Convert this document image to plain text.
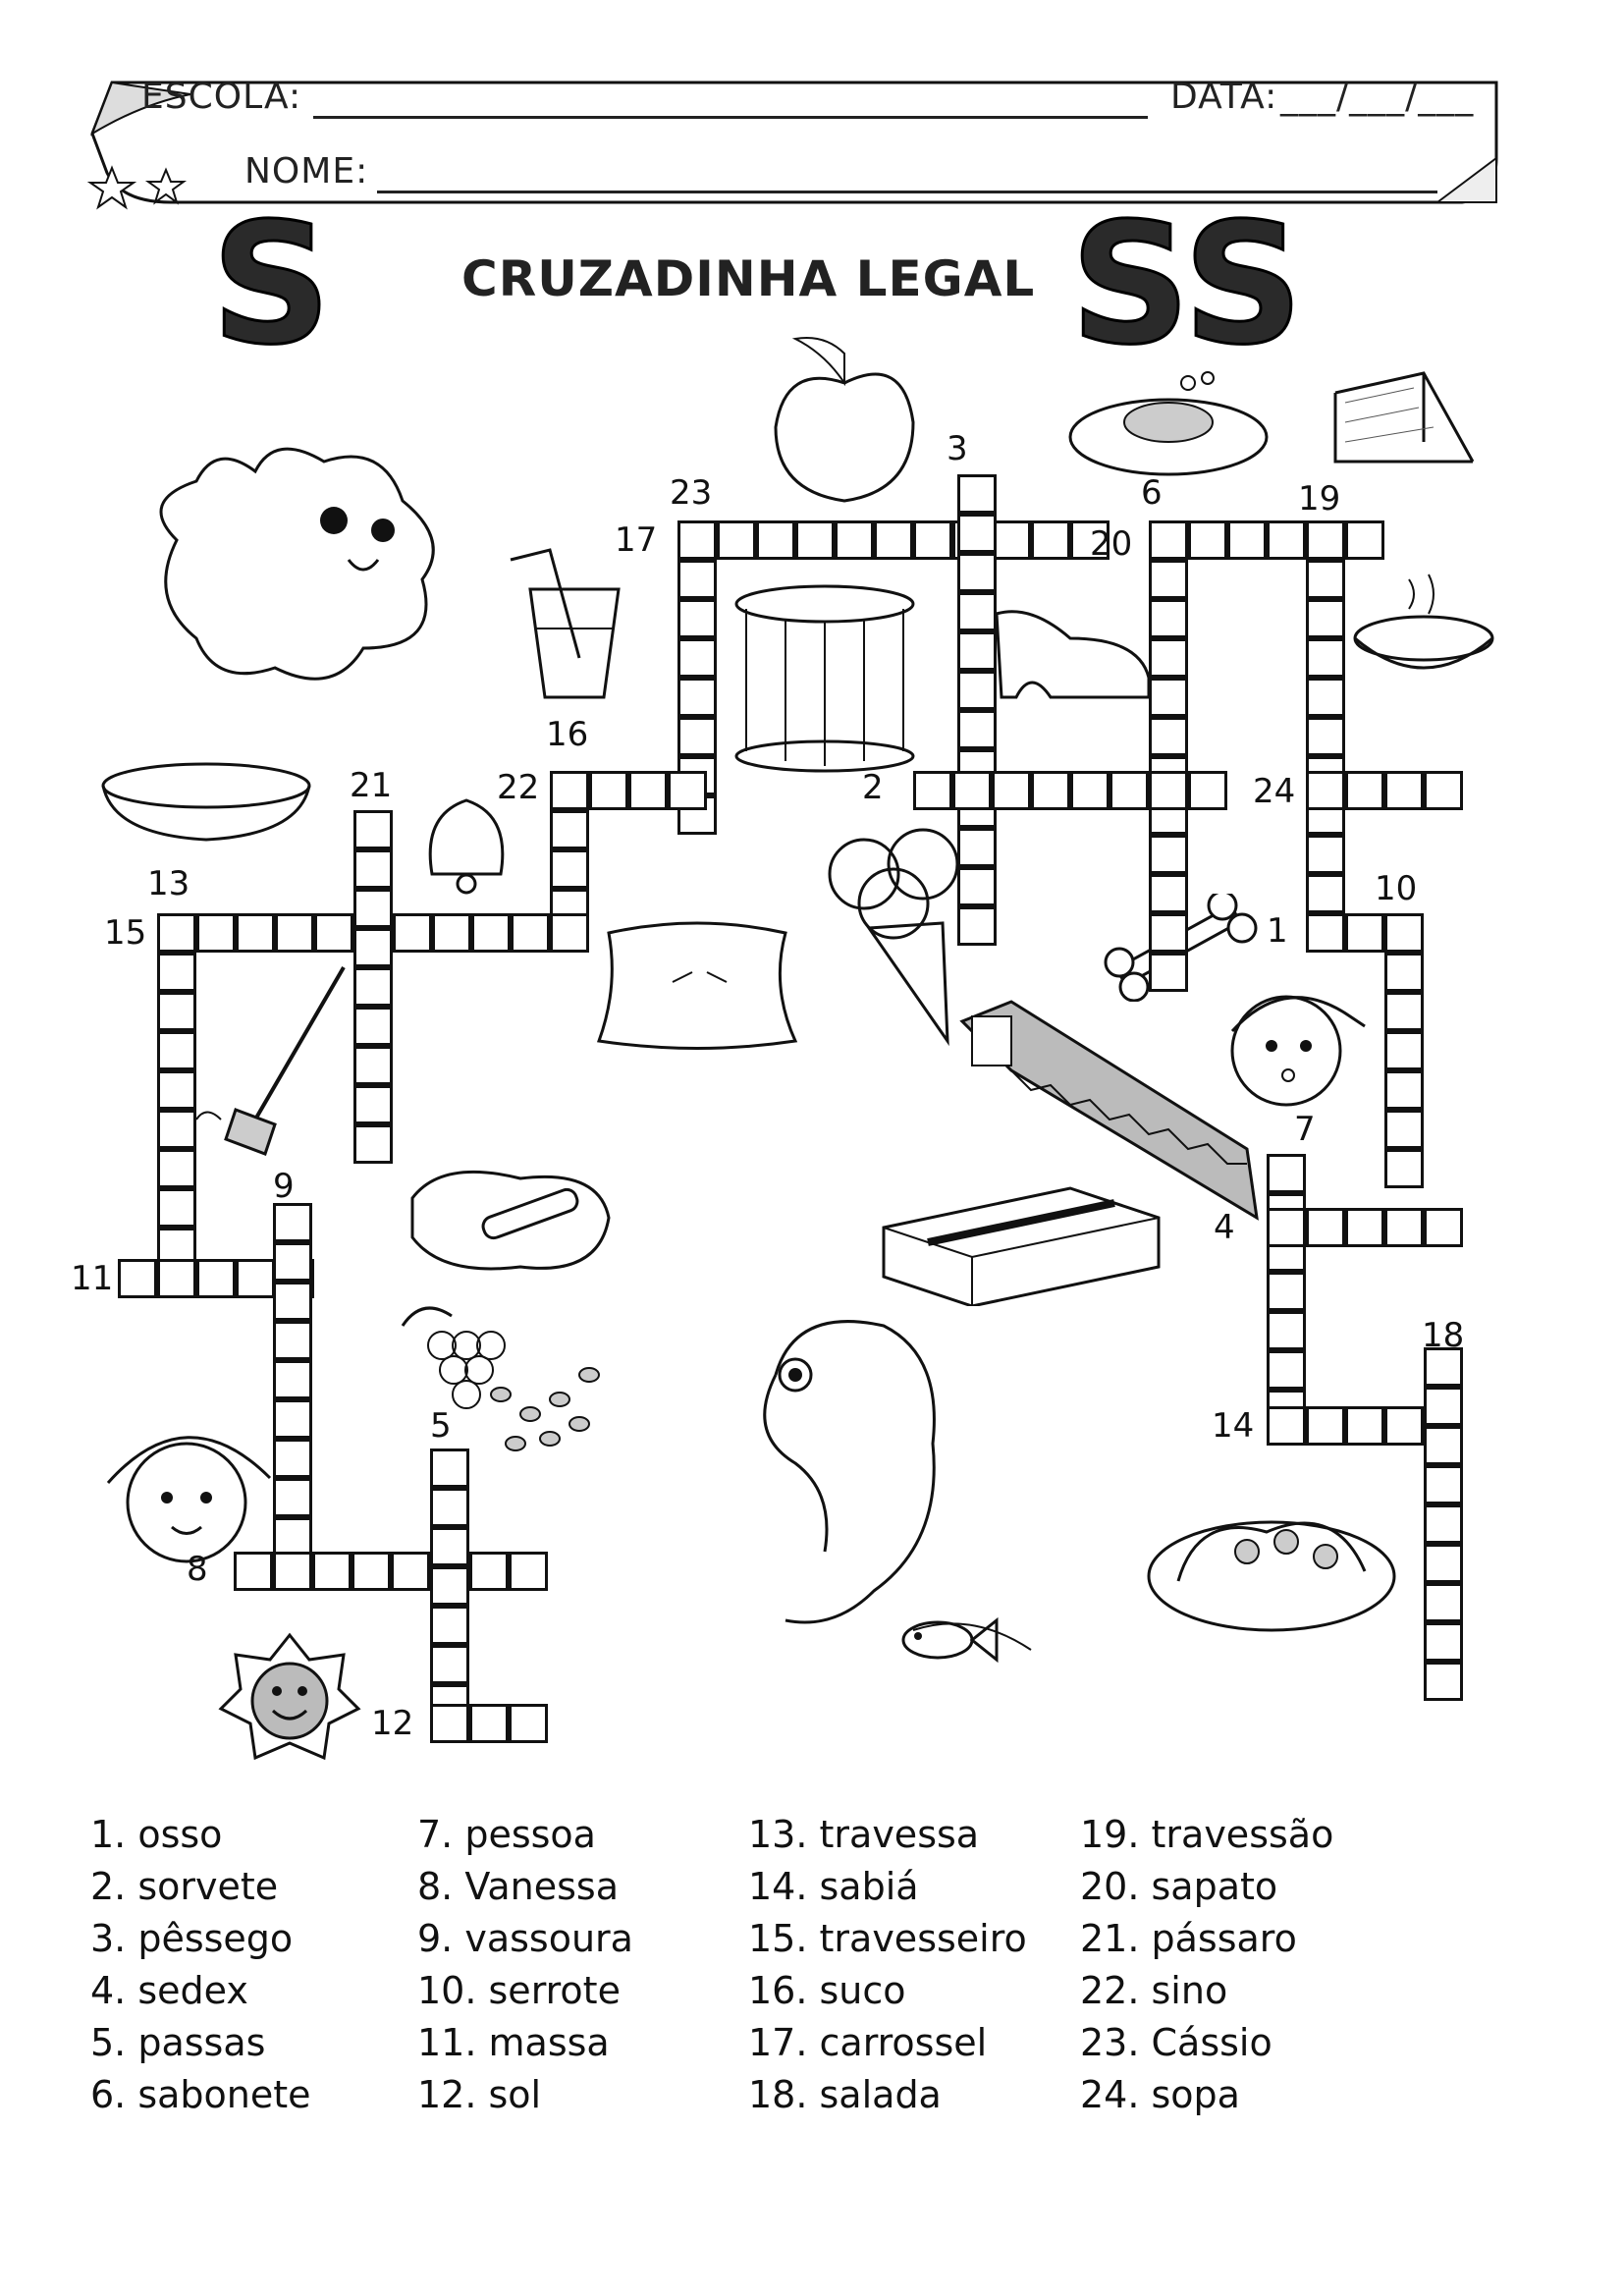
ESCOLA:	DATA: ___/___/___
NOME:
S	CRUZADINHA LEGAL SS
1
2
3
4
5
6
7
8
9
10
11
12
13
14
15
16
17
18
19
20
21	22
23
24
1. osso
2. sorvete
3. pêssego
4. sedex
5. passas
6. sabonete
7. pessoa
8. Vanessa
9. vassoura
10. serrote
11. massa
12. sol
13. travessa
14. sabiá
15. travesseiro
16. suco
17. carrossel
18. salada
19. travessão
20. sapato
21. pássaro
22. sino
23. Cássio
24. sopa
